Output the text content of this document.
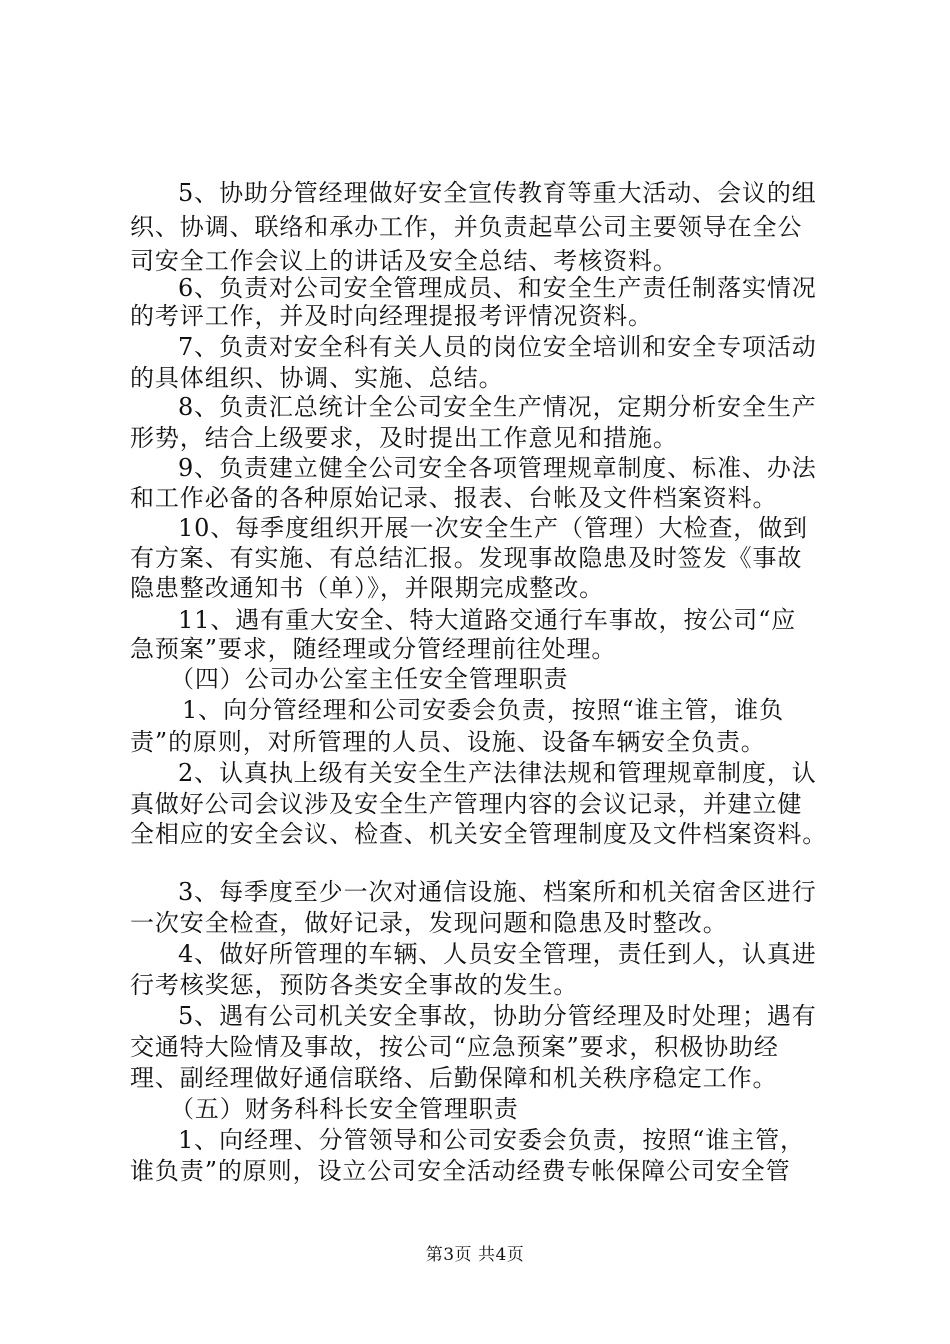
5、协助分管经理做好安全宣传教育等重大活动、会议的组
织、协调、联络和承办工作，并负责起草公司主要领导在全公
司安全工作会议上的讲话及安全总结、考核资料。
6、负责对公司安全管理成员、和安全生产责任制落实情况
的考评工作，并及时向经理提报考评情况资料。
7、负责对安全科有关人员的岗位安全培训和安全专项活动
的具体组织、协调、实施、总结。
8、负责汇总统计全公司安全生产情况，定期分析安全生产
形势，结合上级要求，及时提出工作意见和措施。
9、负责建立健全公司安全各项管理规章制度、标准、办法
和工作必备的各种原始记录、报表、台帐及文件档案资料。
10、每季度组织开展一次安全生产（管理）大检查，做到
有方案、有实施、有总结汇报。发现事故隐患及时签发《事故
隐患整改通知书（单）》，并限期完成整改。
11、遇有重大安全、特大道路交通行车事故，按公司“应
急预案”要求，随经理或分管经理前往处理。
（四）公司办公室主任安全管理职责
1、向分管经理和公司安委会负责，按照“谁主管，谁负
责”的原则，对所管理的人员、设施、设备车辆安全负责。
2、认真执上级有关安全生产法律法规和管理规章制度，认
真做好公司会议涉及安全生产管理内容的会议记录，并建立健
全相应的安全会议、检查、机关安全管理制度及文件档案资料。
3、每季度至少一次对通信设施、档案所和机关宿舍区进行
一次安全检查，做好记录，发现问题和隐患及时整改。
4、做好所管理的车辆、人员安全管理，责任到人，认真进
行考核奖惩，预防各类安全事故的发生。
5、遇有公司机关安全事故，协助分管经理及时处理；遇有
交通特大险情及事故，按公司“应急预案”要求，积极协助经
理、副经理做好通信联络、后勤保障和机关秩序稳定工作。
（五）财务科科长安全管理职责
1、向经理、分管领导和公司安委会负责，按照“谁主管，
谁负责”的原则，设立公司安全活动经费专帐保障公司安全管
第3页 共4页
